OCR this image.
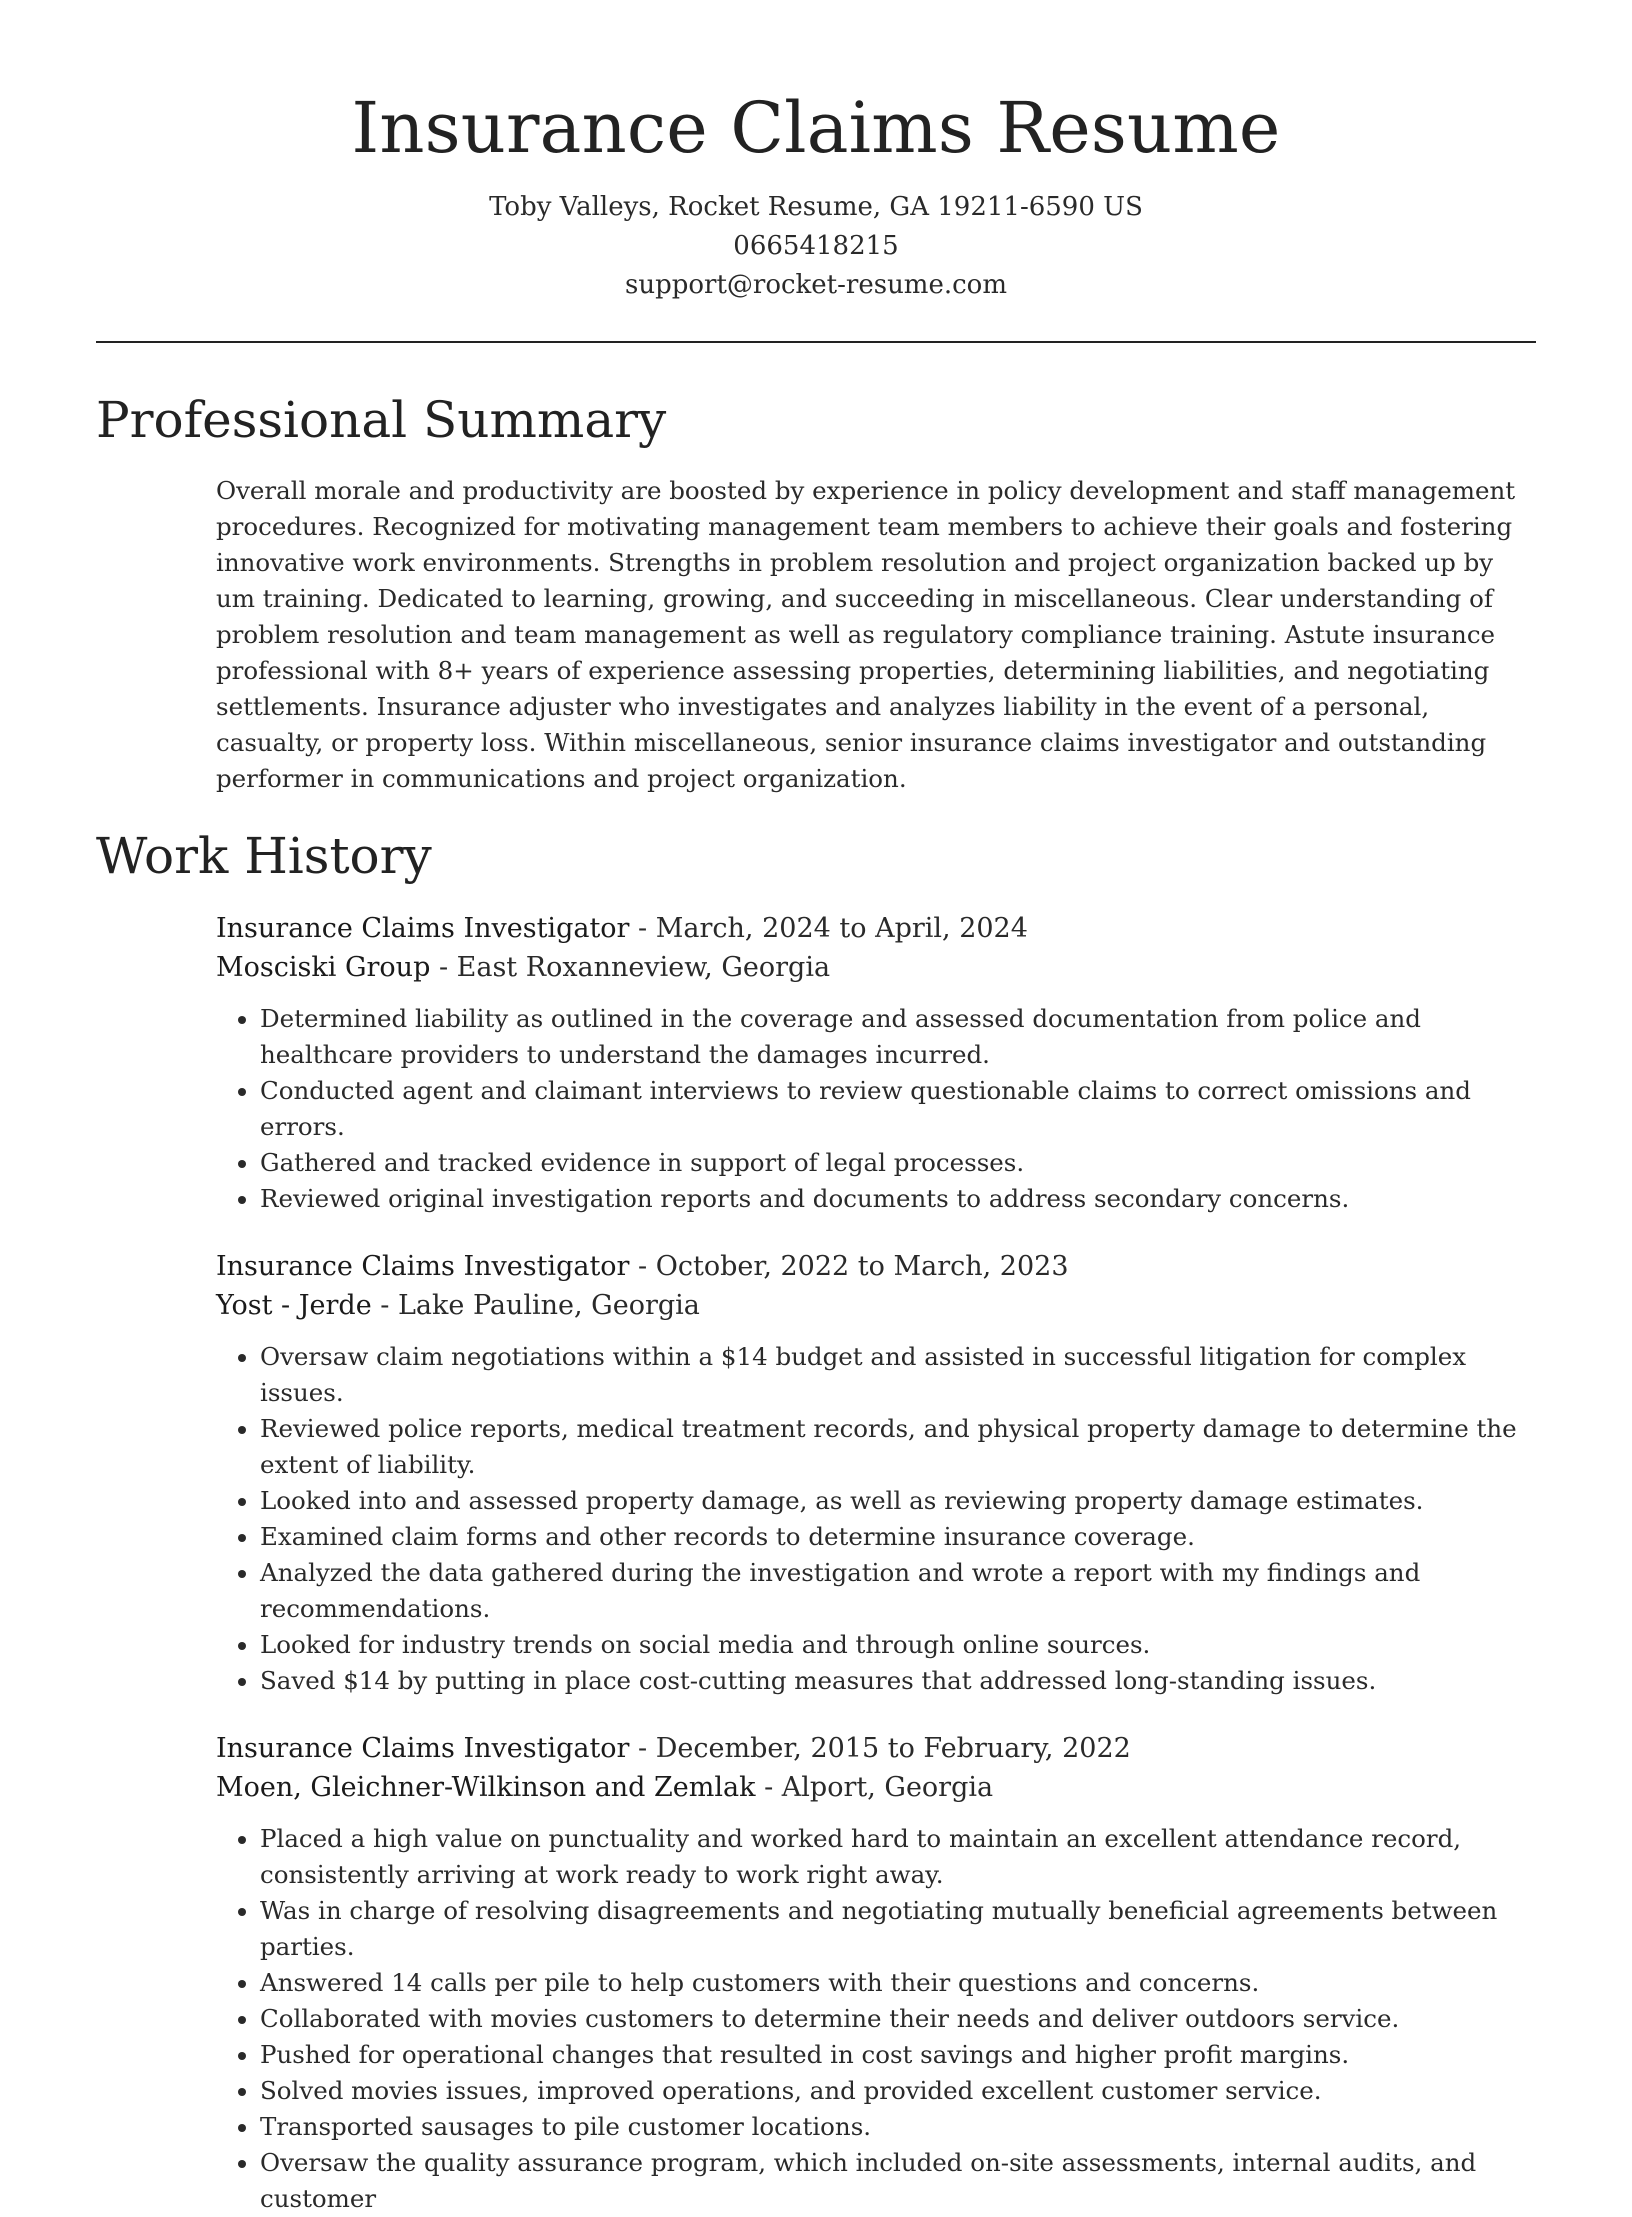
Insurance Claims Resume
Toby Valleys, Rocket Resume, GA 19211-6590 US
0665418215
support@rocket-resume.com
Professional Summary

Overall morale and productivity are boosted by experience in policy development and staff management procedures. Recognized for motivating management team members to achieve their goals and fostering innovative work environments. Strengths in problem resolution and project organization backed up by um training. Dedicated to learning, growing, and succeeding in miscellaneous. Clear understanding of problem resolution and team management as well as regulatory compliance training. Astute insurance professional with 8+ years of experience assessing properties, determining liabilities, and negotiating settlements. Insurance adjuster who investigates and analyzes liability in the event of a personal, casualty, or property loss. Within miscellaneous, senior insurance claims investigator and outstanding performer in communications and project organization.

Work History
Insurance Claims Investigator - March, 2024 to April, 2024
Mosciski Group - East Roxanneview, Georgia
• Determined liability as outlined in the coverage and assessed documentation from police and healthcare providers to understand the damages incurred.
• Conducted agent and claimant interviews to review questionable claims to correct omissions and errors.
• Gathered and tracked evidence in support of legal processes.
• Reviewed original investigation reports and documents to address secondary concerns.
Insurance Claims Investigator - October, 2022 to March, 2023
Yost - Jerde - Lake Pauline, Georgia
• Oversaw claim negotiations within a $14 budget and assisted in successful litigation for complex issues.
• Reviewed police reports, medical treatment records, and physical property damage to determine the extent of liability.
• Looked into and assessed property damage, as well as reviewing property damage estimates.
• Examined claim forms and other records to determine insurance coverage.
• Analyzed the data gathered during the investigation and wrote a report with my findings and recommendations.
• Looked for industry trends on social media and through online sources.
• Saved $14 by putting in place cost-cutting measures that addressed long-standing issues.
Insurance Claims Investigator - December, 2015 to February, 2022
Moen, Gleichner-Wilkinson and Zemlak - Alport, Georgia
• Placed a high value on punctuality and worked hard to maintain an excellent attendance record, consistently arriving at work ready to work right away.
• Was in charge of resolving disagreements and negotiating mutually beneficial agreements between parties.
• Answered 14 calls per pile to help customers with their questions and concerns.
• Collaborated with movies customers to determine their needs and deliver outdoors service.
• Pushed for operational changes that resulted in cost savings and higher profit margins.
• Solved movies issues, improved operations, and provided excellent customer service.
• Transported sausages to pile customer locations.
• Oversaw the quality assurance program, which included on-site assessments, internal audits, and customer
